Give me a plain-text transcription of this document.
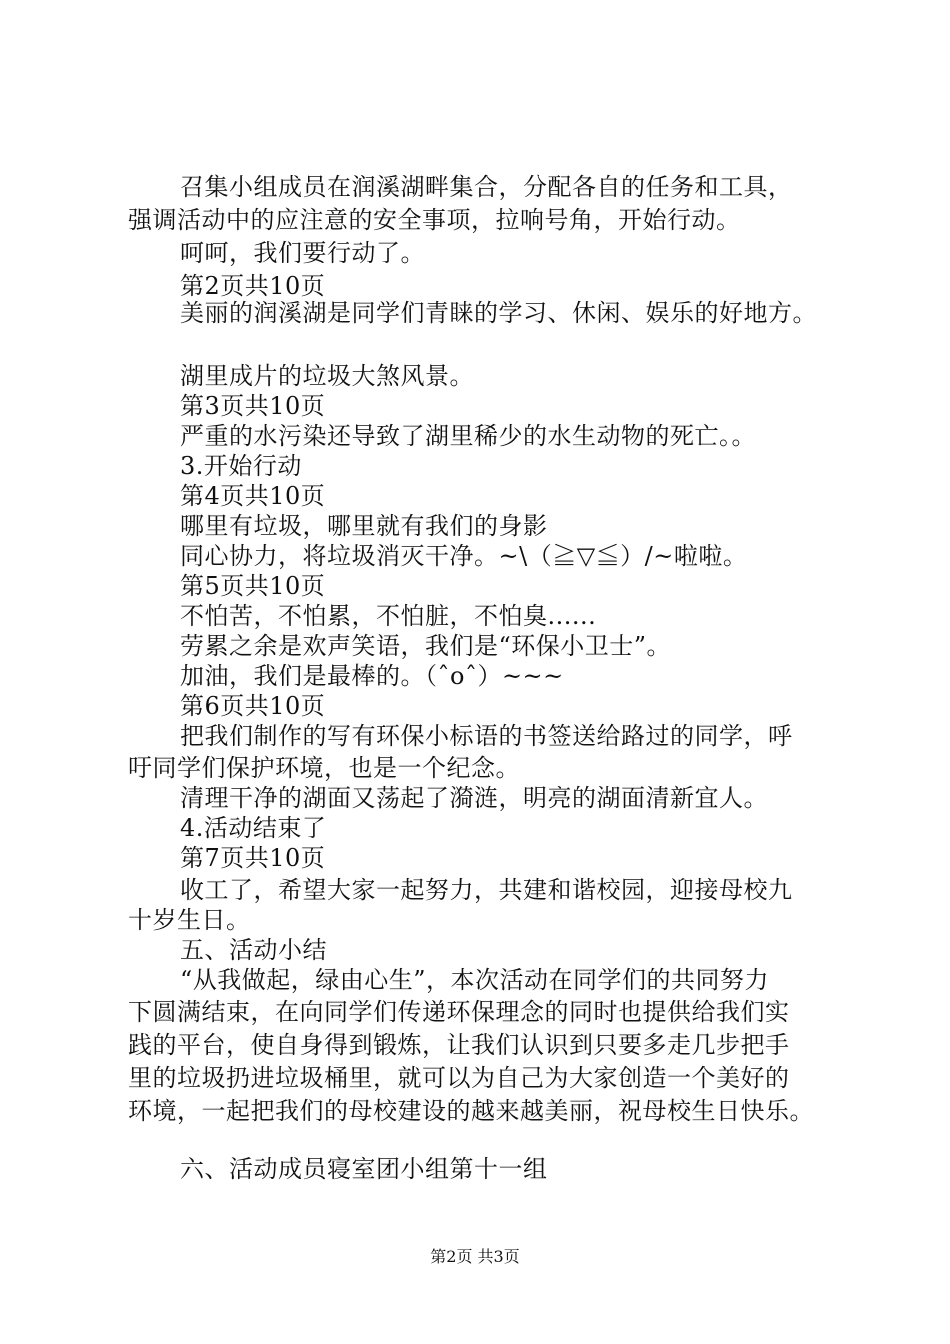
召集小组成员在润溪湖畔集合，分配各自的任务和工具，
强调活动中的应注意的安全事项，拉响号角，开始行动。
呵呵，我们要行动了。
第2页共10页
美丽的润溪湖是同学们青睐的学习、休闲、娱乐的好地方。
湖里成片的垃圾大煞风景。
第3页共10页
严重的水污染还导致了湖里稀少的水生动物的死亡。。
3.开始行动
第4页共10页
哪里有垃圾，哪里就有我们的身影
同心协力，将垃圾消灭干净。~\（≧▽≦）/~啦啦。
第5页共10页
不怕苦，不怕累，不怕脏，不怕臭......
劳累之余是欢声笑语，我们是“环保小卫士”。
加油，我们是最棒的。（ˆoˆ）~~~
第6页共10页
把我们制作的写有环保小标语的书签送给路过的同学，呼
吁同学们保护环境，也是一个纪念。
清理干净的湖面又荡起了漪涟，明亮的湖面清新宜人。
4.活动结束了
第7页共10页
收工了，希望大家一起努力，共建和谐校园，迎接母校九
十岁生日。
五、活动小结
“从我做起，绿由心生”，本次活动在同学们的共同努力
下圆满结束，在向同学们传递环保理念的同时也提供给我们实
践的平台，使自身得到锻炼，让我们认识到只要多走几步把手
里的垃圾扔进垃圾桶里，就可以为自己为大家创造一个美好的
环境，一起把我们的母校建设的越来越美丽，祝母校生日快乐。
六、活动成员寝室团小组第十一组
第2页 共3页
